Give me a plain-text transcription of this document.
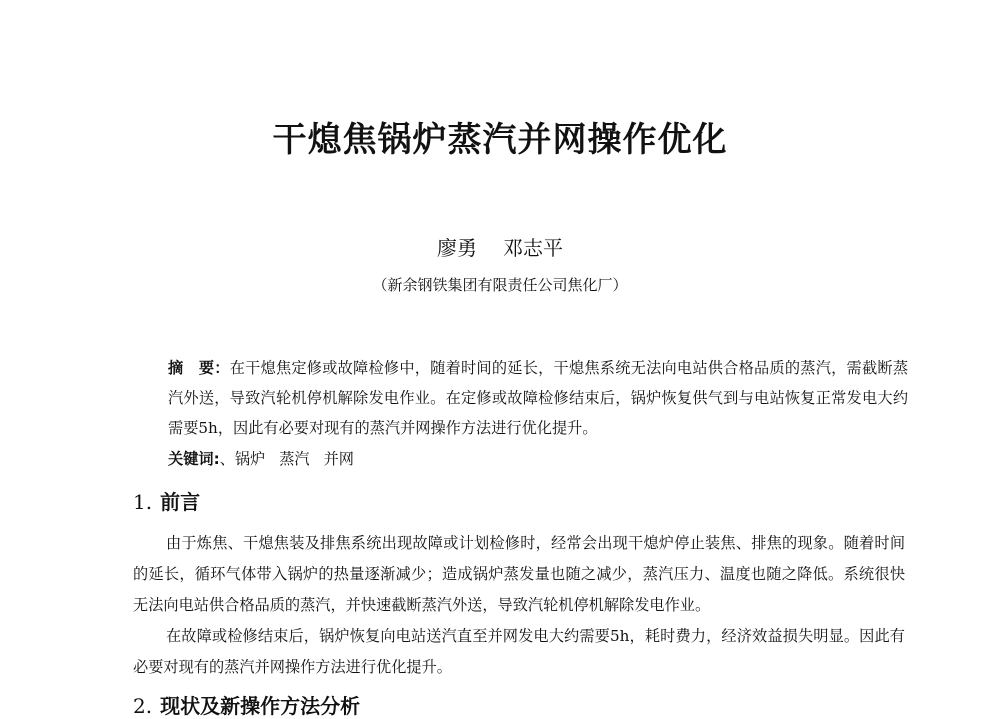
干熄焦锅炉蒸汽并网操作优化
廖勇 邓志平
（新余钢铁集团有限责任公司焦化厂）
摘　要：在干熄焦定修或故障检修中，随着时间的延长，干熄焦系统无法向电站供合格品质的蒸汽，需截断蒸汽外送，导致汽轮机停机解除发电作业。在定修或故障检修结束后，锅炉恢复供气到与电站恢复正常发电大约需要5h，因此有必要对现有的蒸汽并网操作方法进行优化提升。
关键词:、锅炉 蒸汽 并网
1. 前言

由于炼焦、干熄焦装及排焦系统出现故障或计划检修时，经常会出现干熄炉停止装焦、排焦的现象。随着时间的延长，循环气体带入锅炉的热量逐渐减少；造成锅炉蒸发量也随之减少，蒸汽压力、温度也随之降低。系统很快无法向电站供合格品质的蒸汽，并快速截断蒸汽外送，导致汽轮机停机解除发电作业。

在故障或检修结束后，锅炉恢复向电站送汽直至并网发电大约需要5h，耗时费力，经济效益损失明显。因此有必要对现有的蒸汽并网操作方法进行优化提升。

2. 现状及新操作方法分析
